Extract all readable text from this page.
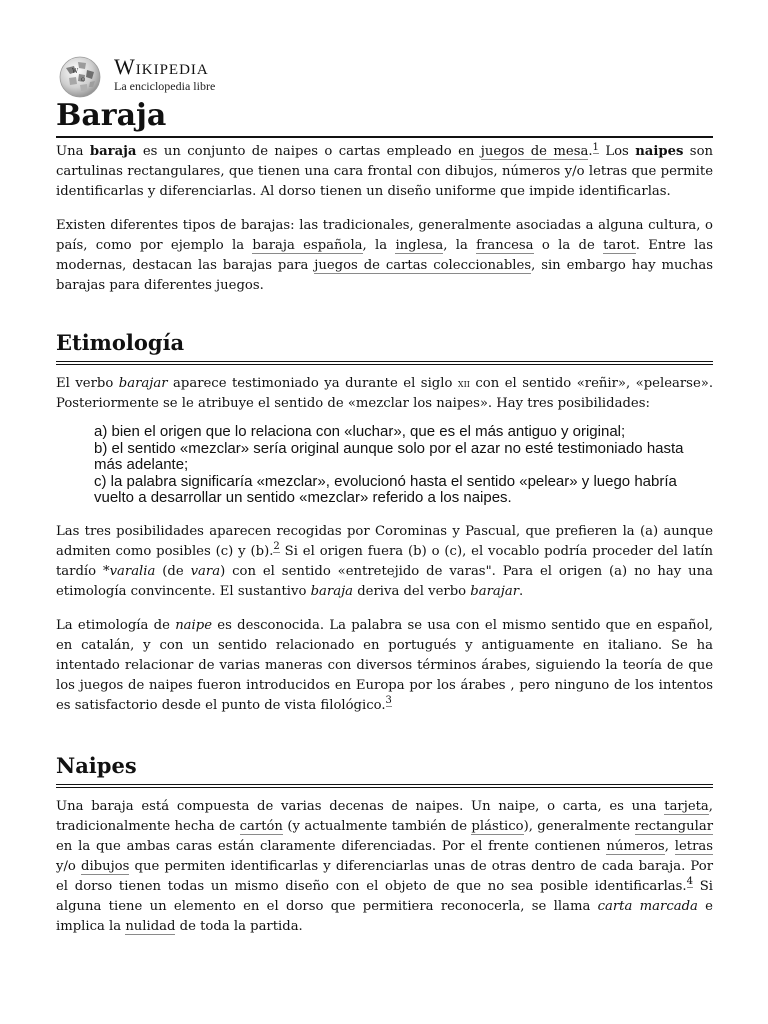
W
Ω
Wikipedia
La enciclopedia libre
Baraja

Una baraja es un conjunto de naipes o cartas empleado en juegos de mesa.$^1$ Los naipes son cartulinas rectangulares, que tienen una cara frontal con dibujos, números y/o letras que permite identificarlas y diferenciarlas. Al dorso tienen un diseño uniforme que impide identificarlas.

Existen diferentes tipos de barajas: las tradicionales, generalmente asociadas a alguna cultura, o país, como por ejemplo la baraja española, la inglesa, la francesa o la de tarot. Entre las modernas, destacan las barajas para juegos de cartas coleccionables, sin embargo hay muchas barajas para diferentes juegos.

Etimología

El verbo barajar aparece testimoniado ya durante el siglo xii con el sentido «reñir», «pelearse». Posteriormente se le atribuye el sentido de «mezclar los naipes». Hay tres posibilidades:

a) bien el origen que lo relaciona con «luchar», que es el más antiguo y original;
b) el sentido «mezclar» sería original aunque solo por el azar no esté testimoniado hasta más adelante;
c) la palabra significaría «mezclar», evolucionó hasta el sentido «pelear» y luego habría vuelto a desarrollar un sentido «mezclar» referido a los naipes.

Las tres posibilidades aparecen recogidas por Corominas y Pascual, que prefieren la (a) aunque admiten como posibles (c) y (b).$^2$ Si el origen fuera (b) o (c), el vocablo podría proceder del latín tardío *varalia (de vara) con el sentido «entretejido de varas". Para el origen (a) no hay una etimología convincente. El sustantivo baraja deriva del verbo barajar.

La etimología de naipe es desconocida. La palabra se usa con el mismo sentido que en español, en catalán, y con un sentido relacionado en portugués y antiguamente en italiano. Se ha intentado relacionar de varias maneras con diversos términos árabes, siguiendo la teoría de que los juegos de naipes fueron introducidos en Europa por los árabes , pero ninguno de los intentos es satisfactorio desde el punto de vista filológico.$^3$

Naipes

Una baraja está compuesta de varias decenas de naipes. Un naipe, o carta, es una tarjeta, tradicionalmente hecha de cartón (y actualmente también de plástico), generalmente rectangular en la que ambas caras están claramente diferenciadas. Por el frente contienen números, letras y/o dibujos que permiten identificarlas y diferenciarlas unas de otras dentro de cada baraja. Por el dorso tienen todas un mismo diseño con el objeto de que no sea posible identificarlas.$^4$ Si alguna tiene un elemento en el dorso que permitiera reconocerla, se llama carta marcada e implica la nulidad de toda la partida.
